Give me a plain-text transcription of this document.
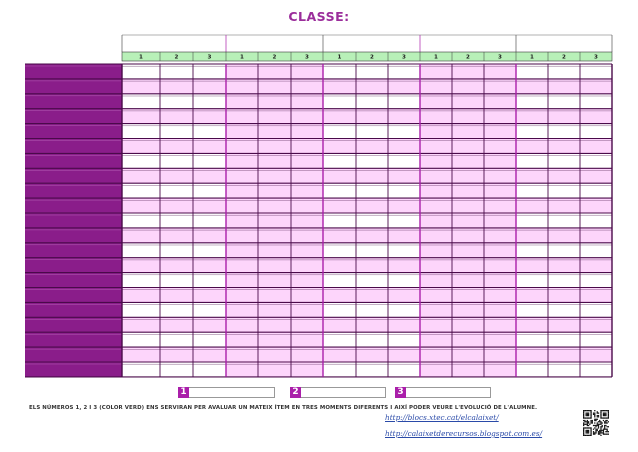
CLASSE:
1	2	3	1	2	3	1	2	3	1	2	3	1	2	3
1	2	3
ELS NÚMEROS 1, 2 I 3 (COLOR VERD) ENS SERVIRAN PER AVALUAR UN MATEIX ÍTEM EN TRES MOMENTS DIFERENTS I AIXÍ PODER VEURE L'EVOLUCIÓ DE L'ALUMNE.
http://blocs.xtec.cat/elcalaixet/
http://calaixetderecursos.blogspot.com.es/
